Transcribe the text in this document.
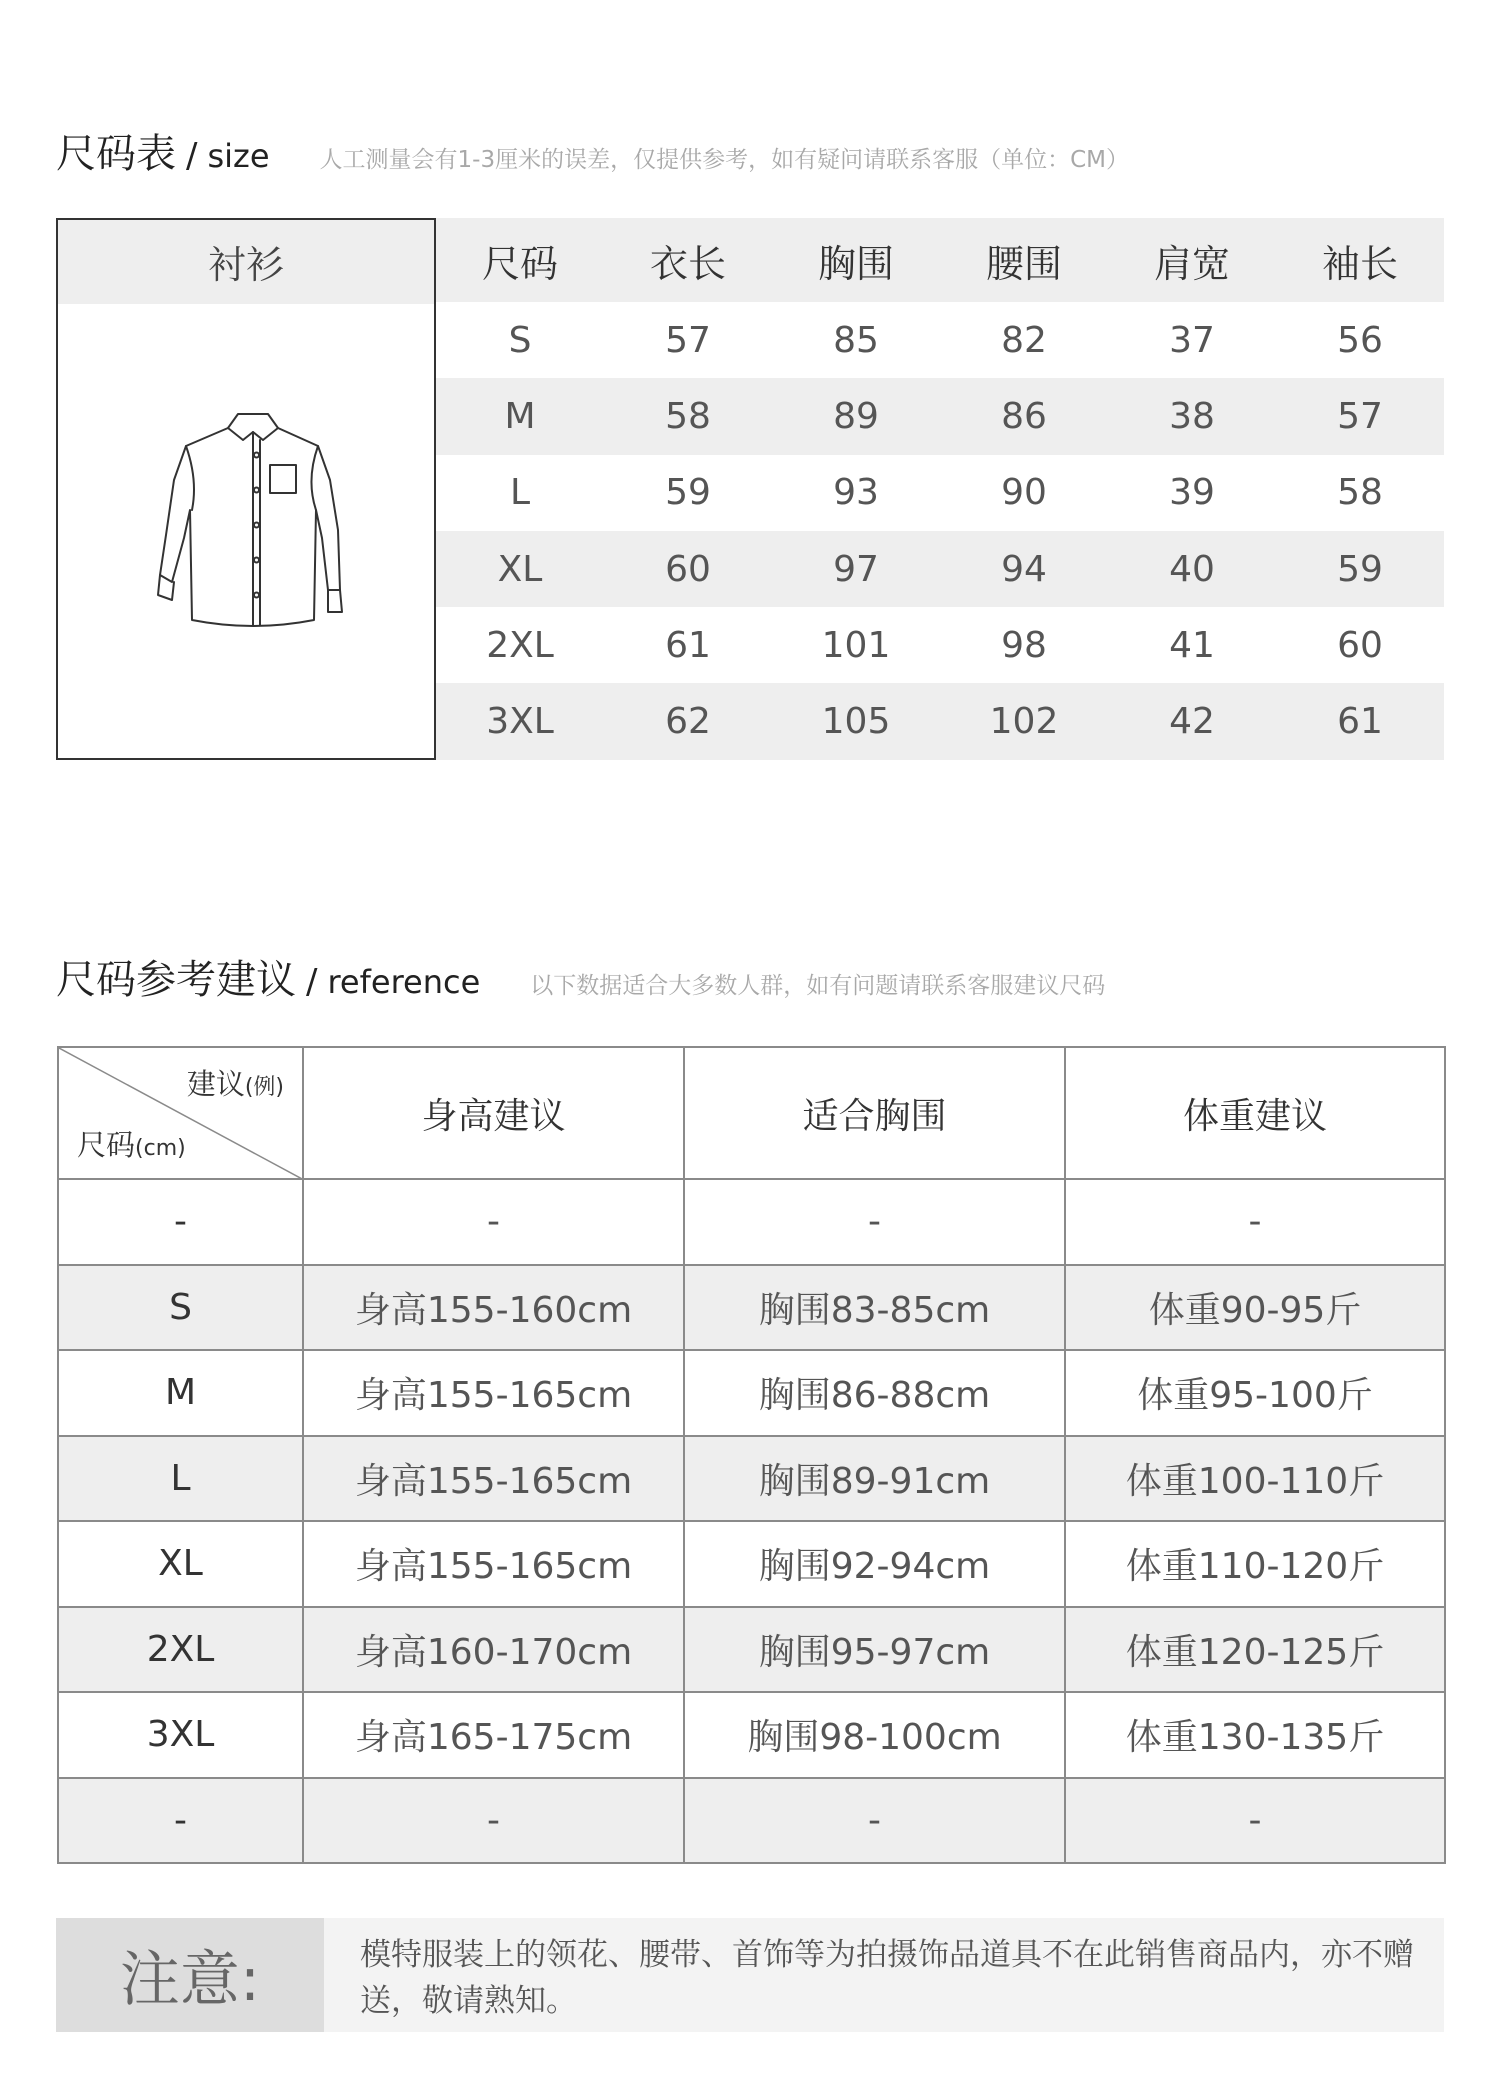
尺码表 / size 人工测量会有1-3厘米的误差，仅提供参考，如有疑问请联系客服（单位：CM）
衬衫	尺码	衣长	胸围	腰围	肩宽	袖长
S	57	85	82	37	56
M	58	89	86	38	57
L	59	93	90	39	58
XL	60	97	94	40	59
2XL	61	101	98	41	60
3XL	62	105	102	42	61
尺码参考建议 / reference 以下数据适合大多数人群，如有问题请联系客服建议尺码
建议(例)
尺码(cm)	身高建议	适合胸围	体重建议
-	-	-	-
S	身高155-160cm	胸围83-85cm	体重90-95斤
M	身高155-165cm	胸围86-88cm	体重95-100斤
L	身高155-165cm	胸围89-91cm	体重100-110斤
XL	身高155-165cm	胸围92-94cm	体重110-120斤
2XL	身高160-170cm	胸围95-97cm	体重120-125斤
3XL	身高165-175cm	胸围98-100cm	体重130-135斤
-	-	-	-
注意:	模特服装上的领花、腰带、首饰等为拍摄饰品道具不在此销售商品内，亦不赠送，敬请熟知。
